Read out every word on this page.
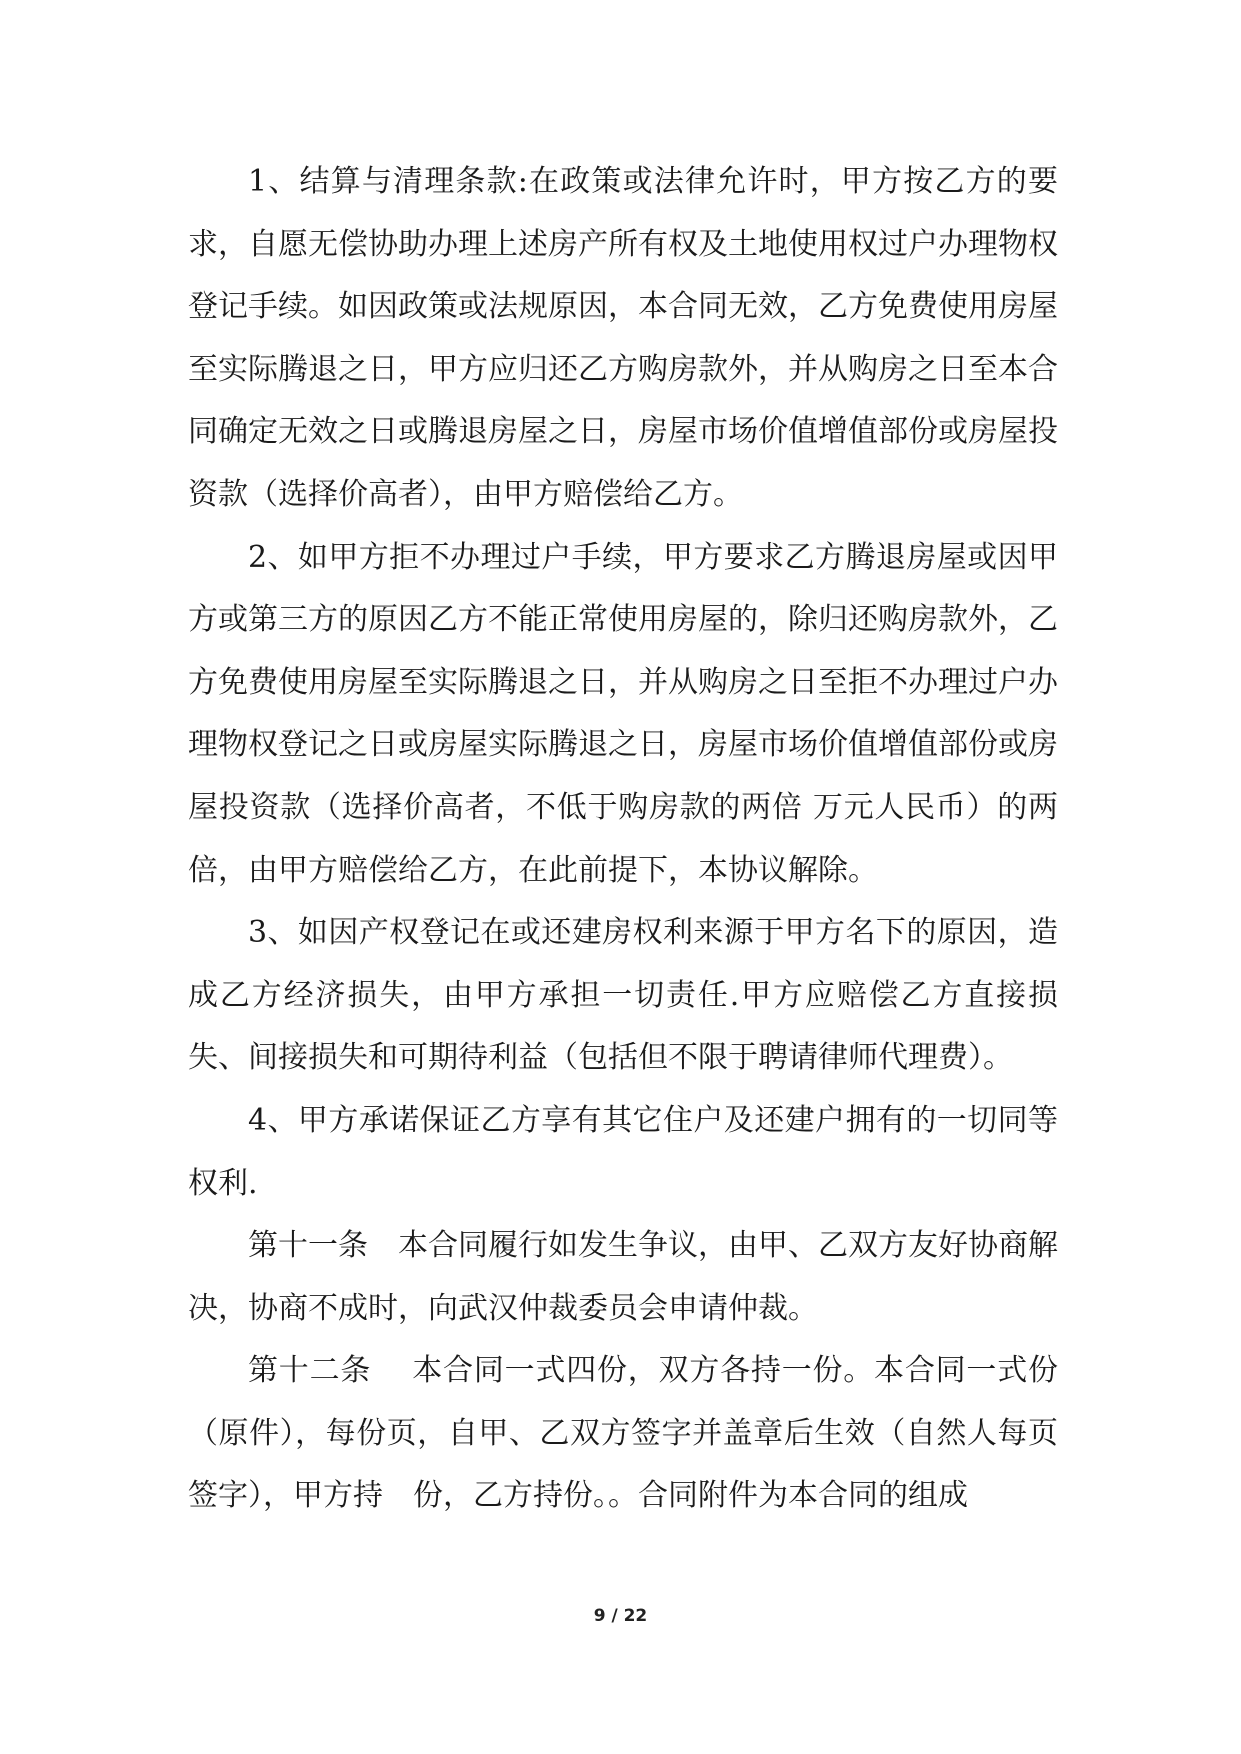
1、结算与清理条款:在政策或法律允许时，甲方按乙方的要求，自愿无偿协助办理上述房产所有权及土地使用权过户办理物权登记手续。如因政策或法规原因，本合同无效，乙方免费使用房屋至实际腾退之日，甲方应归还乙方购房款外，并从购房之日至本合同确定无效之日或腾退房屋之日，房屋市场价值增值部份或房屋投资款（选择价高者），由甲方赔偿给乙方。

2、如甲方拒不办理过户手续，甲方要求乙方腾退房屋或因甲方或第三方的原因乙方不能正常使用房屋的，除归还购房款外，乙方免费使用房屋至实际腾退之日，并从购房之日至拒不办理过户办理物权登记之日或房屋实际腾退之日，房屋市场价值增值部份或房屋投资款（选择价高者，不低于购房款的两倍 万元人民币）的两倍，由甲方赔偿给乙方，在此前提下，本协议解除。

3、如因产权登记在或还建房权利来源于甲方名下的原因，造成乙方经济损失，由甲方承担一切责任.甲方应赔偿乙方直接损失、间接损失和可期待利益（包括但不限于聘请律师代理费）。

4、甲方承诺保证乙方享有其它住户及还建户拥有的一切同等权利.

第十一条　本合同履行如发生争议，由甲、乙双方友好协商解决，协商不成时，向武汉仲裁委员会申请仲裁。

第十二条　 本合同一式四份，双方各持一份。本合同一式份（原件），每份页，自甲、乙双方签字并盖章后生效（自然人每页签字），甲方持　份，乙方持份。。合同附件为本合同的组成

9 / 22
